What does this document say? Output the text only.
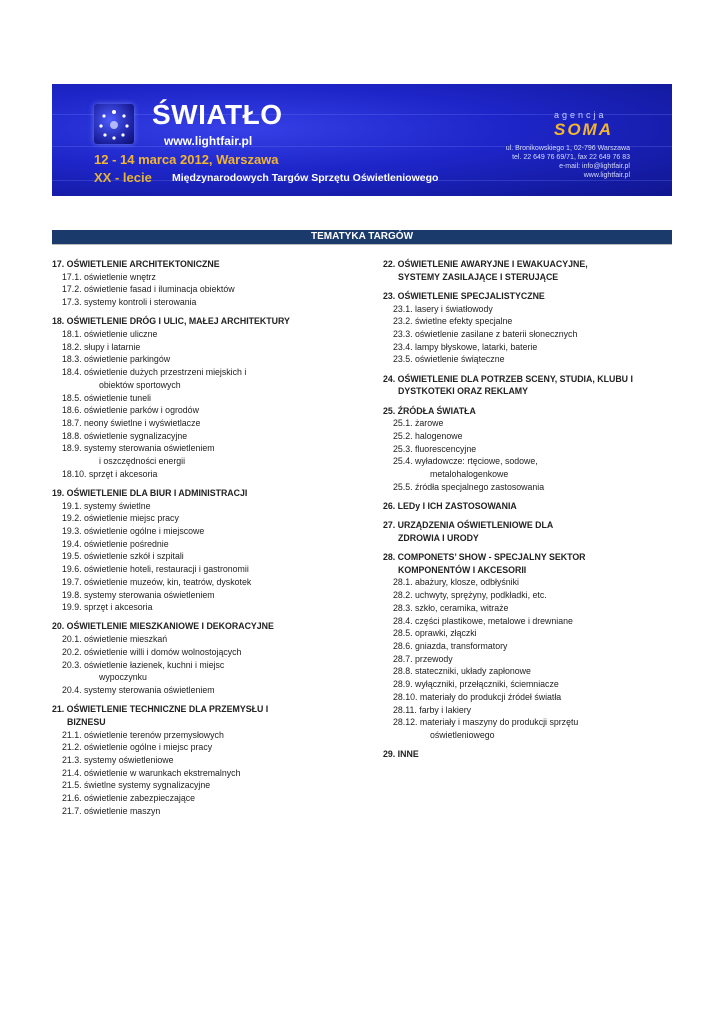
ŚWIATŁO
www.lightfair.pl
12 - 14 marca 2012, Warszawa
XX - lecie Międzynarodowych Targów Sprzętu Oświetleniowego
agencja
SOMA
ul. Bronikowskiego 1, 02-796 Warszawa
tel. 22 649 76 69/71, fax 22 649 76 83
e-mail: info@lightfair.pl
www.lightfair.pl
TEMATYKA TARGÓW
17. OŚWIETLENIE ARCHITEKTONICZNE
17.1. oświetlenie wnętrz
17.2. oświetlenie fasad i iluminacja obiektów
17.3. systemy kontroli i sterowania
18. OŚWIETLENIE DRÓG I ULIC, MAŁEJ ARCHITEKTURY
18.1. oświetlenie uliczne
18.2. słupy i latarnie
18.3. oświetlenie parkingów
18.4. oświetlenie dużych przestrzeni miejskich i
obiektów sportowych
18.5. oświetlenie tuneli
18.6. oświetlenie parków i ogrodów
18.7. neony świetlne i wyświetlacze
18.8. oświetlenie sygnalizacyjne
18.9. systemy sterowania oświetleniem
i oszczędności energii
18.10. sprzęt i akcesoria
19. OŚWIETLENIE DLA BIUR I ADMINISTRACJI
19.1. systemy świetlne
19.2. oświetlenie miejsc pracy
19.3. oświetlenie ogólne i miejscowe
19.4. oświetlenie pośrednie
19.5. oświetlenie szkół i szpitali
19.6. oświetlenie hoteli, restauracji i gastronomii
19.7. oświetlenie muzeów, kin, teatrów, dyskotek
19.8. systemy sterowania oświetleniem
19.9. sprzęt i akcesoria
20. OŚWIETLENIE MIESZKANIOWE I DEKORACYJNE
20.1. oświetlenie mieszkań
20.2. oświetlenie willi i domów wolnostojących
20.3. oświetlenie łazienek, kuchni i miejsc
wypoczynku
20.4. systemy sterowania oświetleniem
21. OŚWIETLENIE TECHNICZNE DLA PRZEMYSŁU I
BIZNESU
21.1. oświetlenie terenów przemysłowych
21.2. oświetlenie ogólne i miejsc pracy
21.3. systemy oświetleniowe
21.4. oświetlenie w warunkach ekstremalnych
21.5. świetlne systemy sygnalizacyjne
21.6. oświetlenie zabezpieczające
21.7. oświetlenie maszyn
22. OŚWIETLENIE AWARYJNE I EWAKUACYJNE,
SYSTEMY ZASILAJĄCE I STERUJĄCE
23. OŚWIETLENIE SPECJALISTYCZNE
23.1. lasery i światłowody
23.2. świetlne efekty specjalne
23.3. oświetlenie zasilane z baterii słonecznych
23.4. lampy błyskowe, latarki, baterie
23.5. oświetlenie świąteczne
24. OŚWIETLENIE DLA POTRZEB SCENY, STUDIA, KLUBU I
DYSTKOTEKI ORAZ REKLAMY
25. ŹRÓDŁA ŚWIATŁA
25.1. żarowe
25.2. halogenowe
25.3. fluorescencyjne
25.4. wyładowcze: rtęciowe, sodowe,
metalohalogenkowe
25.5. źródła specjalnego zastosowania
26. LEDy I ICH ZASTOSOWANIA
27. URZĄDZENIA OŚWIETLENIOWE DLA
ZDROWIA I URODY
28. COMPONETS’ SHOW - SPECJALNY SEKTOR
KOMPONENTÓW I AKCESORII
28.1. abażury, klosze, odbłyśniki
28.2. uchwyty, sprężyny, podkładki, etc.
28.3. szkło, ceramika, witraże
28.4. części plastikowe, metalowe i drewniane
28.5. oprawki, złączki
28.6. gniazda, transformatory
28.7. przewody
28.8. stateczniki, układy zapłonowe
28.9. wyłączniki, przełączniki, ściemniacze
28.10. materiały do produkcji źródeł światła
28.11. farby i lakiery
28.12. materiały i maszyny do produkcji sprzętu
oświetleniowego
29. INNE
